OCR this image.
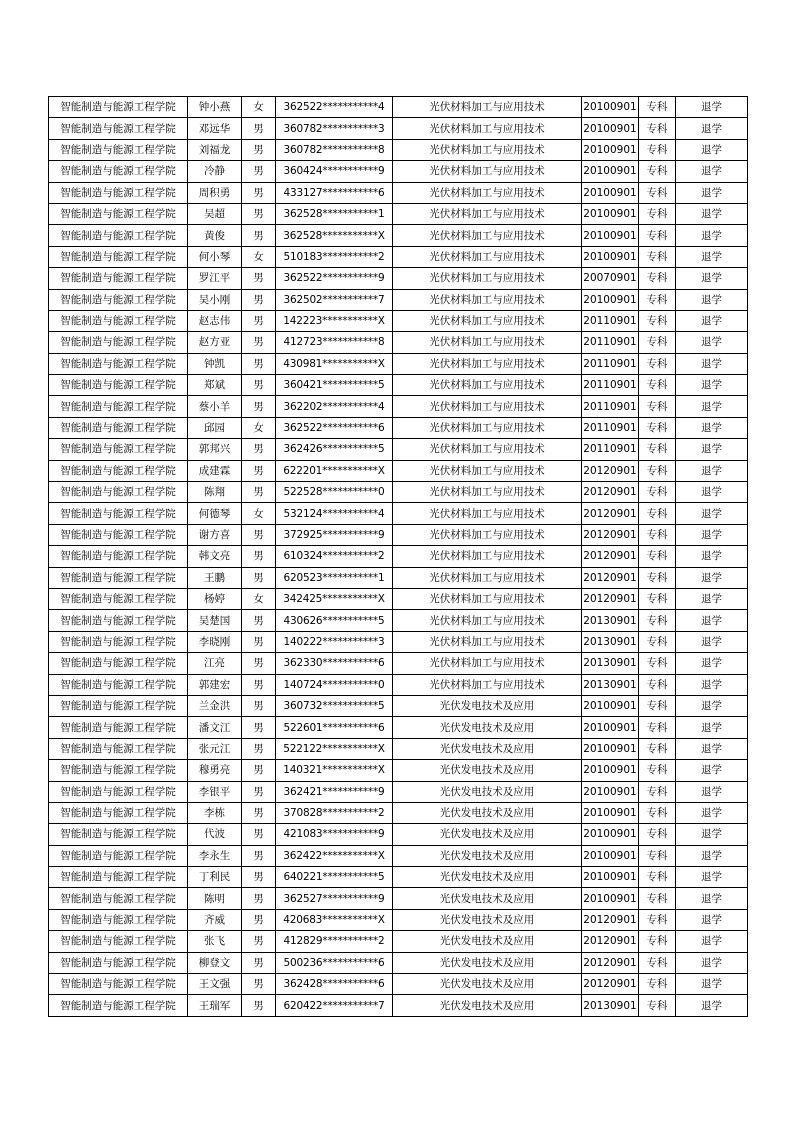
智能制造与能源工程学院	钟小燕	女	362522***********4	光伏材料加工与应用技术	20100901	专科	退学
智能制造与能源工程学院	邓远华	男	360782***********3	光伏材料加工与应用技术	20100901	专科	退学
智能制造与能源工程学院	刘福龙	男	360782***********8	光伏材料加工与应用技术	20100901	专科	退学
智能制造与能源工程学院	冷静	男	360424***********9	光伏材料加工与应用技术	20100901	专科	退学
智能制造与能源工程学院	周积勇	男	433127***********6	光伏材料加工与应用技术	20100901	专科	退学
智能制造与能源工程学院	吴超	男	362528***********1	光伏材料加工与应用技术	20100901	专科	退学
智能制造与能源工程学院	黄俊	男	362528***********X	光伏材料加工与应用技术	20100901	专科	退学
智能制造与能源工程学院	何小琴	女	510183***********2	光伏材料加工与应用技术	20100901	专科	退学
智能制造与能源工程学院	罗江平	男	362522***********9	光伏材料加工与应用技术	20070901	专科	退学
智能制造与能源工程学院	吴小刚	男	362502***********7	光伏材料加工与应用技术	20100901	专科	退学
智能制造与能源工程学院	赵志伟	男	142223***********X	光伏材料加工与应用技术	20110901	专科	退学
智能制造与能源工程学院	赵方亚	男	412723***********8	光伏材料加工与应用技术	20110901	专科	退学
智能制造与能源工程学院	钟凯	男	430981***********X	光伏材料加工与应用技术	20110901	专科	退学
智能制造与能源工程学院	郑斌	男	360421***********5	光伏材料加工与应用技术	20110901	专科	退学
智能制造与能源工程学院	蔡小羊	男	362202***********4	光伏材料加工与应用技术	20110901	专科	退学
智能制造与能源工程学院	邱园	女	362522***********6	光伏材料加工与应用技术	20110901	专科	退学
智能制造与能源工程学院	郭邦兴	男	362426***********5	光伏材料加工与应用技术	20110901	专科	退学
智能制造与能源工程学院	成建霖	男	622201***********X	光伏材料加工与应用技术	20120901	专科	退学
智能制造与能源工程学院	陈翔	男	522528***********0	光伏材料加工与应用技术	20120901	专科	退学
智能制造与能源工程学院	何德琴	女	532124***********4	光伏材料加工与应用技术	20120901	专科	退学
智能制造与能源工程学院	谢方喜	男	372925***********9	光伏材料加工与应用技术	20120901	专科	退学
智能制造与能源工程学院	韩文亮	男	610324***********2	光伏材料加工与应用技术	20120901	专科	退学
智能制造与能源工程学院	王鹏	男	620523***********1	光伏材料加工与应用技术	20120901	专科	退学
智能制造与能源工程学院	杨婷	女	342425***********X	光伏材料加工与应用技术	20120901	专科	退学
智能制造与能源工程学院	吴楚国	男	430626***********5	光伏材料加工与应用技术	20130901	专科	退学
智能制造与能源工程学院	李晓刚	男	140222***********3	光伏材料加工与应用技术	20130901	专科	退学
智能制造与能源工程学院	江亮	男	362330***********6	光伏材料加工与应用技术	20130901	专科	退学
智能制造与能源工程学院	郭建宏	男	140724***********0	光伏材料加工与应用技术	20130901	专科	退学
智能制造与能源工程学院	兰金洪	男	360732***********5	光伏发电技术及应用	20100901	专科	退学
智能制造与能源工程学院	潘文江	男	522601***********6	光伏发电技术及应用	20100901	专科	退学
智能制造与能源工程学院	张元江	男	522122***********X	光伏发电技术及应用	20100901	专科	退学
智能制造与能源工程学院	穆勇亮	男	140321***********X	光伏发电技术及应用	20100901	专科	退学
智能制造与能源工程学院	李银平	男	362421***********9	光伏发电技术及应用	20100901	专科	退学
智能制造与能源工程学院	李栋	男	370828***********2	光伏发电技术及应用	20100901	专科	退学
智能制造与能源工程学院	代波	男	421083***********9	光伏发电技术及应用	20100901	专科	退学
智能制造与能源工程学院	李永生	男	362422***********X	光伏发电技术及应用	20100901	专科	退学
智能制造与能源工程学院	丁利民	男	640221***********5	光伏发电技术及应用	20100901	专科	退学
智能制造与能源工程学院	陈明	男	362527***********9	光伏发电技术及应用	20100901	专科	退学
智能制造与能源工程学院	齐威	男	420683***********X	光伏发电技术及应用	20120901	专科	退学
智能制造与能源工程学院	张飞	男	412829***********2	光伏发电技术及应用	20120901	专科	退学
智能制造与能源工程学院	柳登文	男	500236***********6	光伏发电技术及应用	20120901	专科	退学
智能制造与能源工程学院	王文强	男	362428***********6	光伏发电技术及应用	20120901	专科	退学
智能制造与能源工程学院	王瑞军	男	620422***********7	光伏发电技术及应用	20130901	专科	退学
